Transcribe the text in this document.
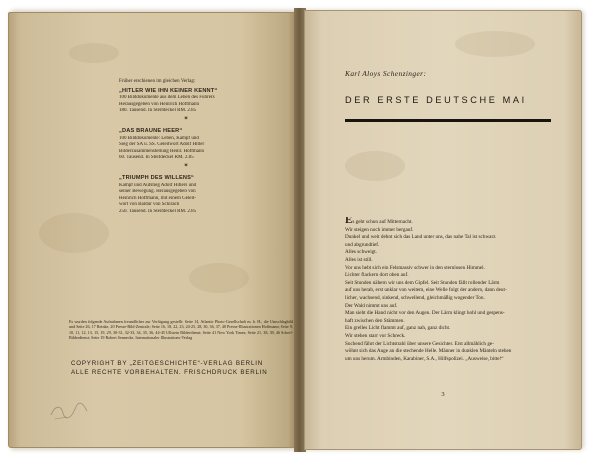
Früher erschienen im gleichen Verlag:
„HITLER WIE IHN KEINER KENNT“
100 Bilddokumente aus dem Leben des Führers
Herausgegeben von Heinrich Hoffmann
180. Tausend. In Steifdeckel RM. 2.85
✶
„DAS BRAUNE HEER“
100 Bilddokumente: Leben, Kampf und
Sieg der SA u. SS. Geleitwort Adolf Hitler
Bilderzusammenstellung Heinr. Hoffmann
60. Tausend. In Steifdeckel RM. 2.85
✶
„TRIUMPH DES WILLENS“
Kampf und Aufstieg Adolf Hitlers und
seiner Bewegung. Herausgegeben von
Heinrich Hoffmann, mit einem Geleit-
wort von Baldur von Schirach
250. Tausend. In Steifdeckel RM. 2.85
Es wurden folgende Aufnahmen freundlicher zur Verfügung gestellt: Seite 14, Atlantic Photo-Gesellschaft m. b. H.; die Umschlagbild und Seite 26, 17 Reinke, 20 Presse-Bild-Zentrale; Seite 16, 18, 22, 23, 24-25, 28, 30, 36, 37, 40 Presse-Illustrationen Hoffmann; Seite 9, 10, 11, 12, 13, 15, 19, 29, 30-31, 32-33, 34, 35, 36, 44-45 Ullstein Bilderdienst; Seite 41 New York Times; Seite 21, 38, 39, 46 Scherl-Bilderdienst; Seite 19 Robert Sennecke, Internationaler Illustrations-Verlag
COPYRIGHT BY „ZEITGESCHICHTE“-VERLAG BERLIN
ALLE RECHTE VORBEHALTEN. FRISCHDRUCK BERLIN
Karl Aloys Schenzinger:
DER ERSTE DEUTSCHE MAI
Es geht schon auf Mitternacht.
Wir steigen noch immer bergauf.
Dunkel und weit dehnt sich das Land unter uns, das nahe Tal ist schwarz
und abgrundtief.
Alles schweigt.
Alles ist still.
Vor uns hebt sich ein Felsmassiv schwer in den sternlosen Himmel.
Lichter flackern dort oben auf.
Seit Stunden nähern wir uns dem Gipfel. Seit Stunden fällt rollender Lärm
auf uns herab, erst unklar von weitem, eine Welle folgt der andern, dann deut-
licher, wachsend, sinkend, schwellend, gleichmäßig wogender Ton.
Der Wald nimmt uns auf.
Man sieht die Hand nicht vor den Augen. Der Lärm klingt hohl und gespens-
haft zwischen den Stämmen.
Ein grelles Licht flammt auf, ganz nah, ganz dicht.
Wir stehen starr vor Schreck.
Suchend fährt der Lichtstrahl über unsere Gesichter. Erst allmählich ge-
wöhnt sich das Auge an die stechende Helle. Männer in dunklen Mänteln stehen
um uns herum. Armbinden, Karabiner, S.A., Hilfspolizei. „Ausweise, bitte!“
3
